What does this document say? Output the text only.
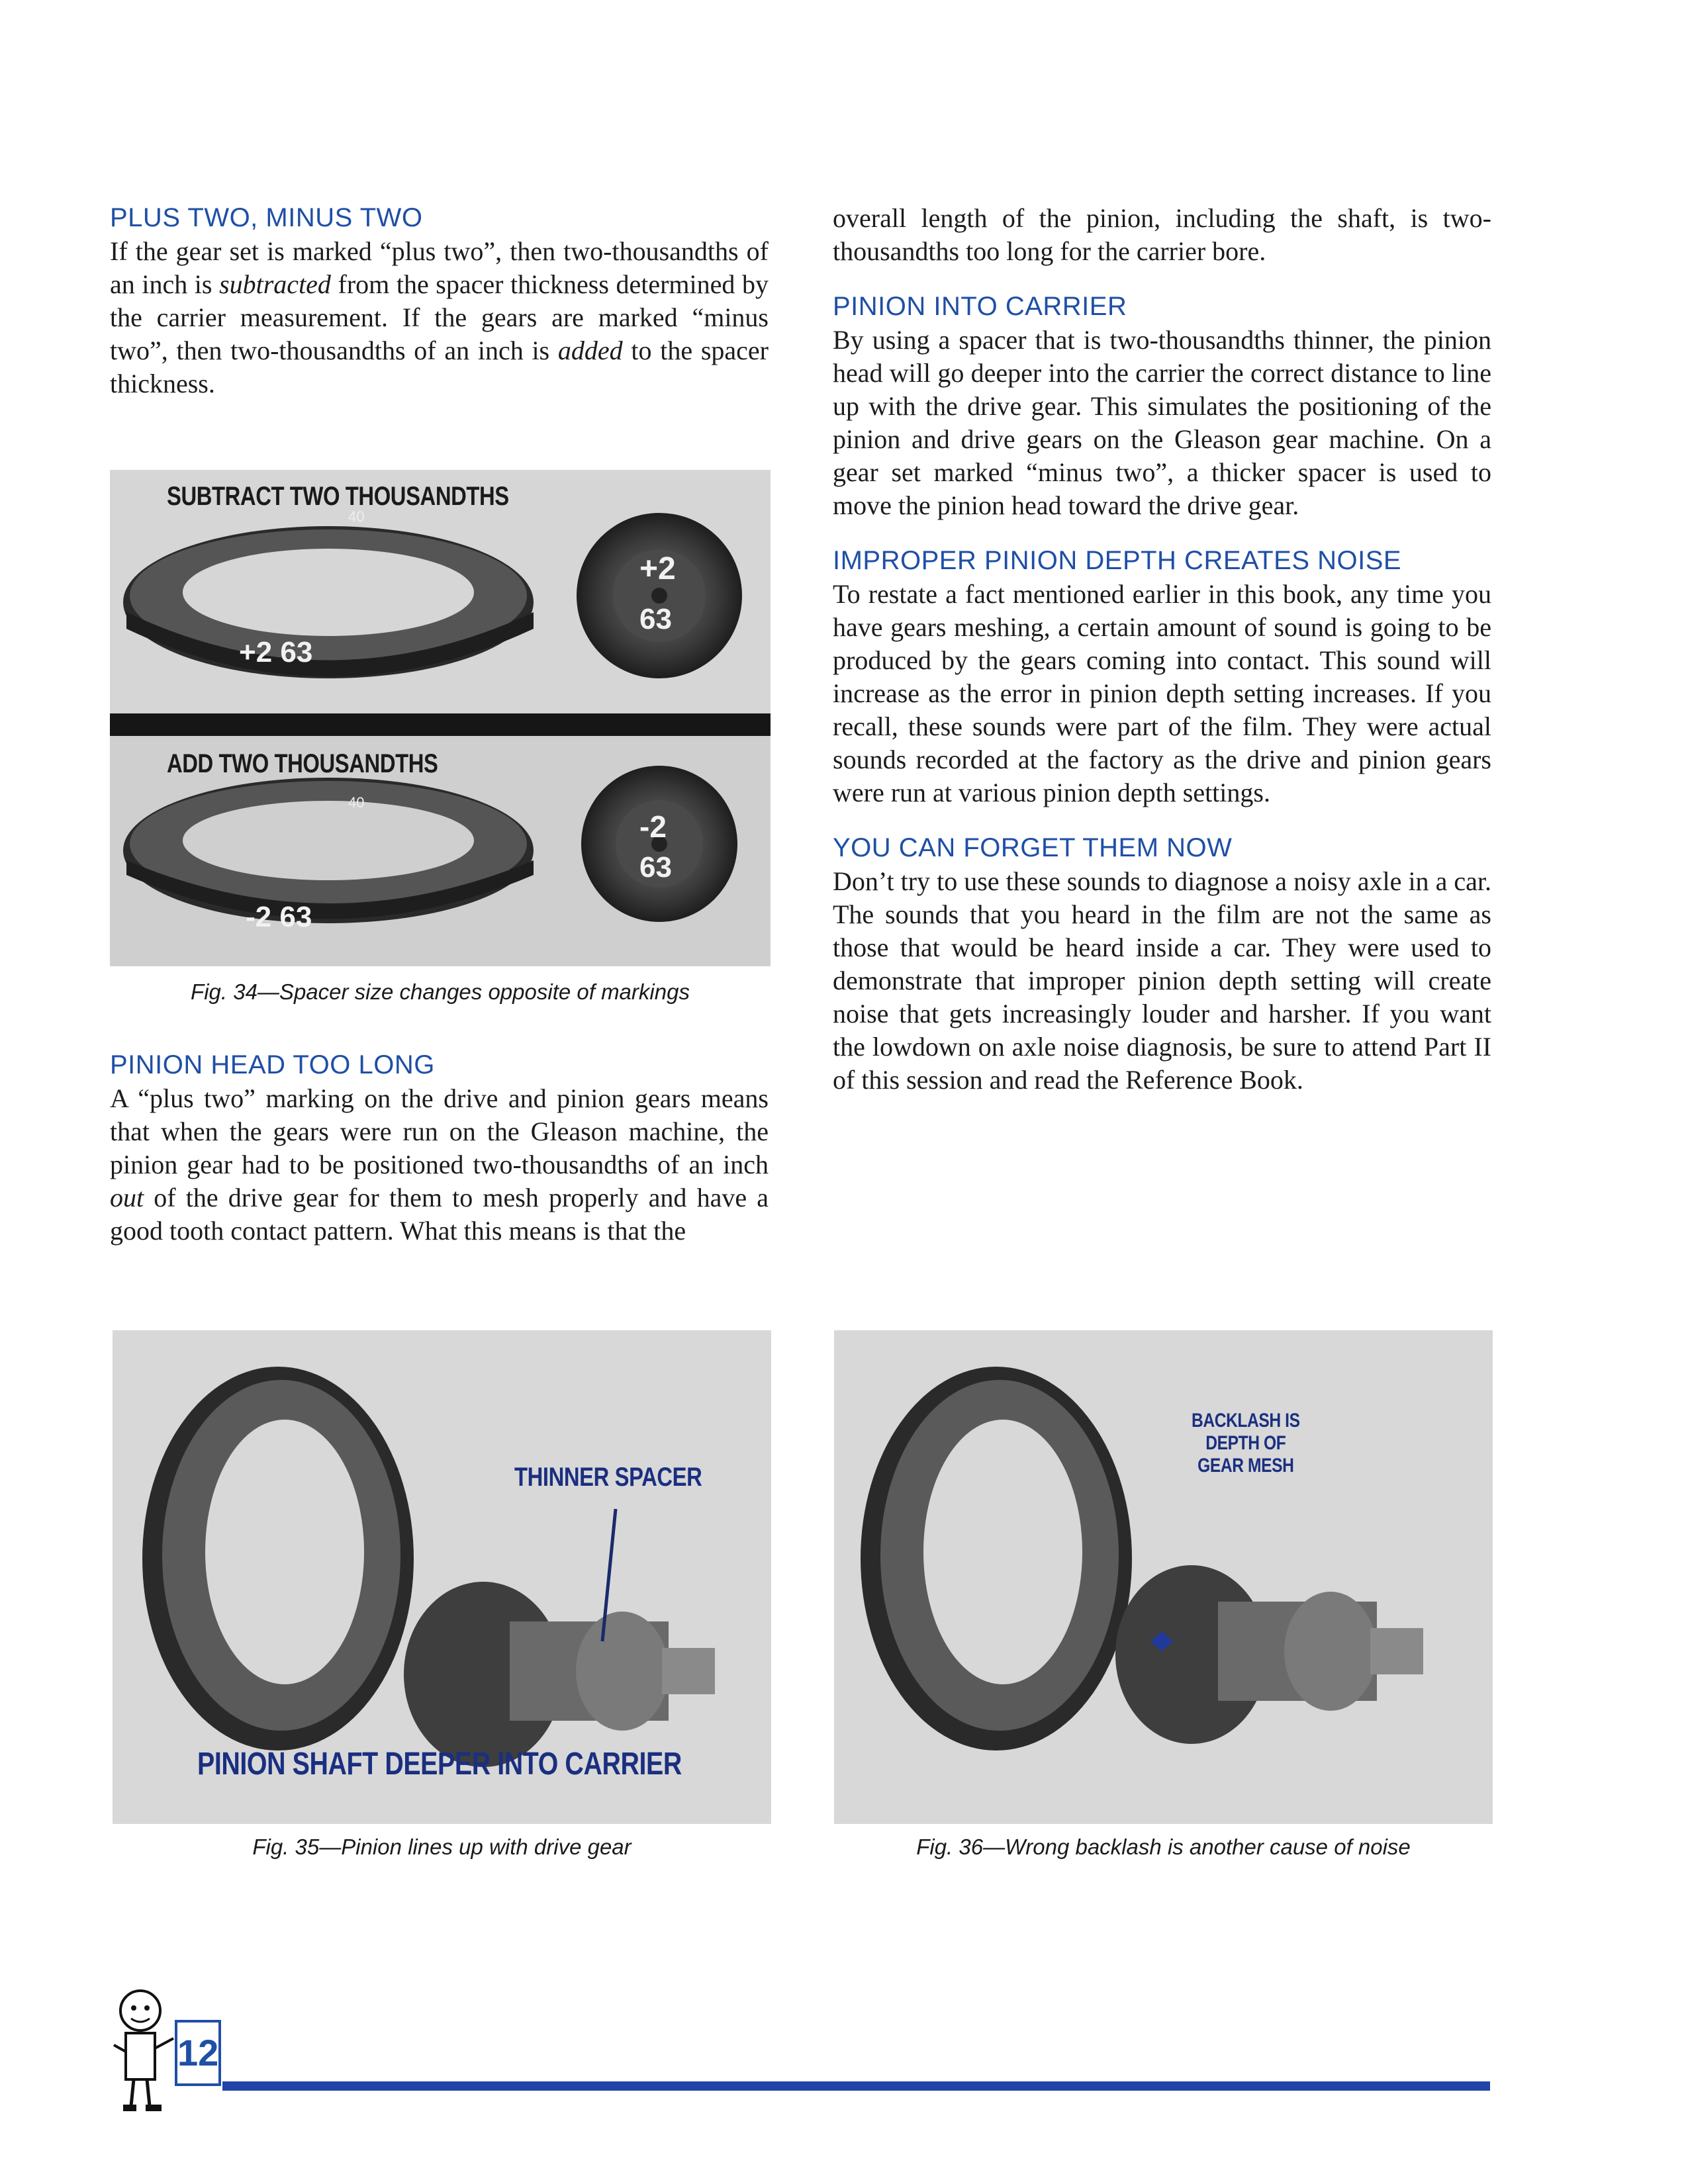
PLUS TWO, MINUS TWO

If the gear set is marked “plus two”, then two-thousandths of an inch is subtracted from the spacer thickness determined by the carrier measurement. If the gears are marked “minus two”, then two-thousandths of an inch is added to the spacer thickness.

PINION HEAD TOO LONG

A “plus two” marking on the drive and pinion gears means that when the gears were run on the Gleason machine, the pinion gear had to be positioned two-thousandths of an inch out of the drive gear for them to mesh properly and have a good tooth contact pattern. What this means is that the

overall length of the pinion, including the shaft, is two-thousandths too long for the carrier bore.

PINION INTO CARRIER

By using a spacer that is two-thousandths thinner, the pinion head will go deeper into the carrier the correct distance to line up with the drive gear. This simulates the positioning of the pinion and drive gears on the Gleason gear machine. On a gear set marked “minus two”, a thicker spacer is used to move the pinion head toward the drive gear.

IMPROPER PINION DEPTH CREATES NOISE

To restate a fact mentioned earlier in this book, any time you have gears meshing, a certain amount of sound is going to be produced by the gears coming into contact. This sound will increase as the error in pinion depth setting increases. If you recall, these sounds were part of the film. They were actual sounds recorded at the factory as the drive and pinion gears were run at various pinion depth settings.

YOU CAN FORGET THEM NOW

Don’t try to use these sounds to diagnose a noisy axle in a car. The sounds that you heard in the film are not the same as those that would be heard inside a car. They were used to demonstrate that improper pinion depth setting will create noise that gets increasingly louder and harsher. If you want the lowdown on axle noise diagnosis, be sure to attend Part II of this session and read the Reference Book.

40
+2 63
+2
63
40
-2 63
-2
63
SUBTRACT TWO THOUSANDTHS
ADD TWO THOUSANDTHS
Fig. 34—Spacer size changes opposite of markings
THINNER SPACER
PINION SHAFT DEEPER INTO CARRIER
Fig. 35—Pinion lines up with drive gear
BACKLASH IS
DEPTH OF
GEAR MESH
Fig. 36—Wrong backlash is another cause of noise
12
